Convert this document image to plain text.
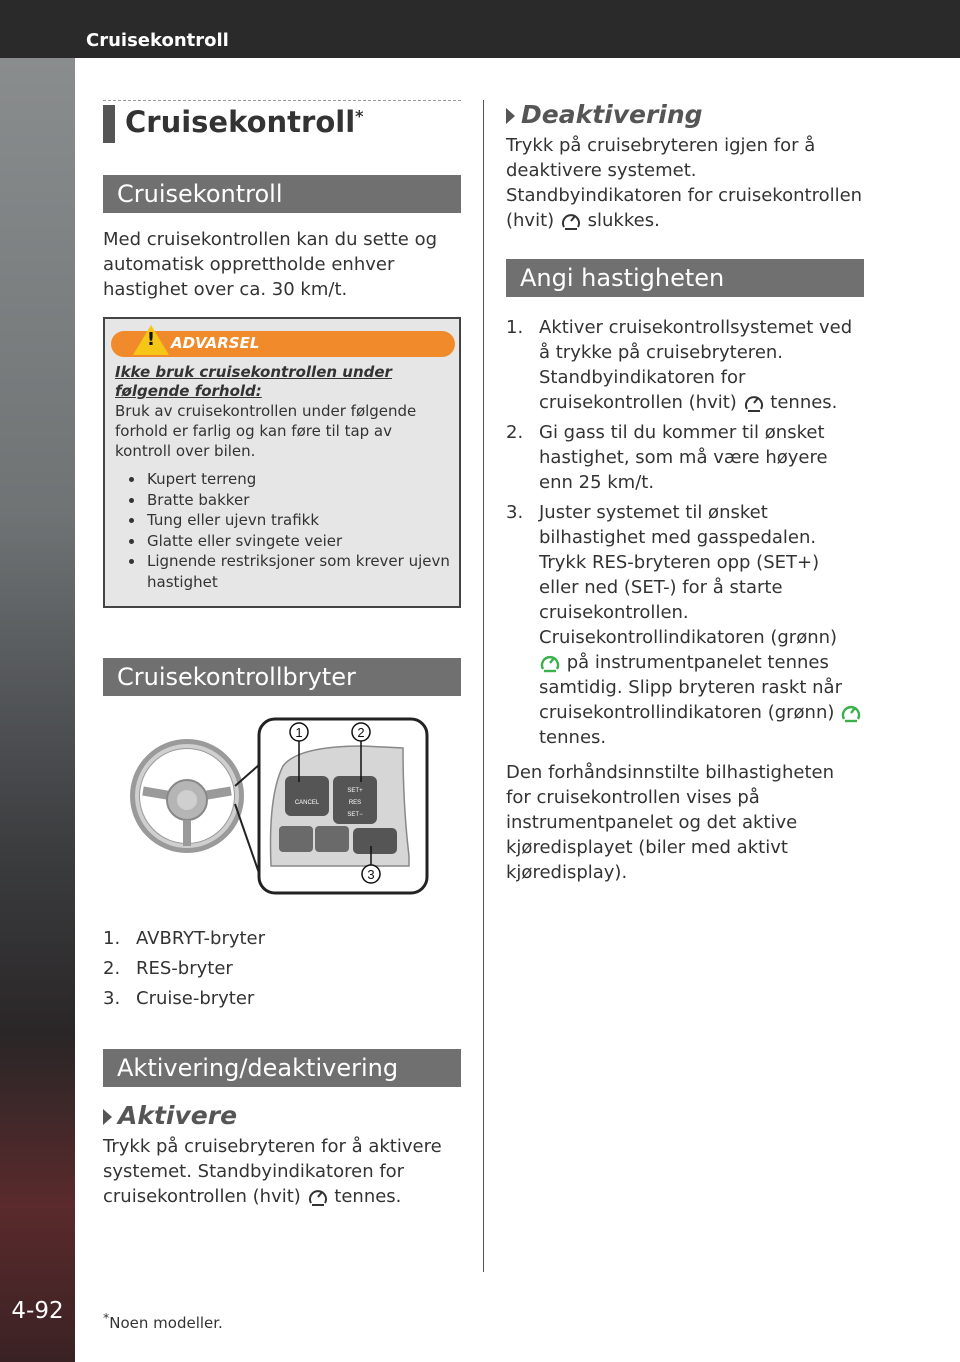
Cruisekontroll
4-92
Cruisekontroll*
Cruisekontroll

Med cruisekontrollen kan du sette og automatisk opprettholde enhver hastighet over ca. 30 km/t.

! ADVARSEL
Ikke bruk cruisekontrollen under følgende forhold:
Bruk av cruisekontrollen under følgende forhold er farlig og kan føre til tap av kontroll over bilen.
• Kupert terreng
• Bratte bakker
• Tung eller ujevn trafikk
• Glatte eller svingete veier
• Lignende restriksjoner som krever ujevn hastighet
Cruisekontrollbryter
CANCEL
SET+
RES
SET−
1	2
3
1. AVBRYT-bryter
2. RES-bryter
3. Cruise-bryter
Aktivering/deaktivering
Aktivere

Trykk på cruisebryteren for å aktivere systemet. Standbyindikatoren for cruisekontrollen (hvit) tennes.

Deaktivering

Trykk på cruisebryteren igjen for å deaktivere systemet.
Standbyindikatoren for cruisekontrollen (hvit) slukkes.

Angi hastigheten
1. Aktiver cruisekontrollsystemet ved å trykke på cruisebryteren. Standbyindikatoren for cruisekontrollen (hvit) tennes.
2. Gi gass til du kommer til ønsket hastighet, som må være høyere enn 25 km/t.
3. Juster systemet til ønsket bilhastighet med gasspedalen. Trykk RES-bryteren opp (SET+) eller ned (SET-) for å starte cruisekontrollen. Cruisekontrollindikatoren (grønn)  på instrumentpanelet tennes samtidig. Slipp bryteren raskt når cruisekontrollindikatoren (grønn)  tennes.

Den forhåndsinnstilte bilhastigheten for cruisekontrollen vises på instrumentpanelet og det aktive kjøredisplayet (biler med aktivt kjøredisplay).

*Noen modeller.
